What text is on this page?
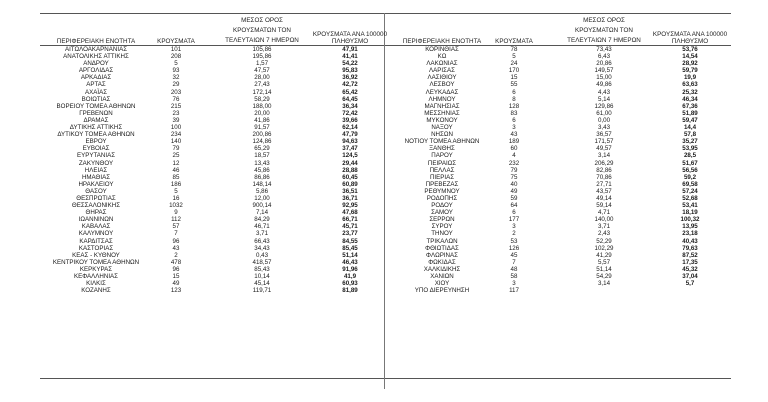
ΠΕΡΙΦΕΡΕΙΑΚΗ ΕΝΟΤΗΤΑ	ΚΡΟΥΣΜΑΤΑ
ΜΕΣΟΣ ΟΡΟΣ
ΚΡΟΥΣΜΑΤΩΝ ΤΟΝ
ΤΕΛΕΥΤΑΙΩΝ 7 ΗΜΕΡΩΝ
ΚΡΟΥΣΜΑΤΑ ΑΝΑ 100000
ΠΛΗΘΥΣΜΟ	ΠΕΡΙΦΕΡΕΙΑΚΗ ΕΝΟΤΗΤΑ	ΚΡΟΥΣΜΑΤΑ
ΜΕΣΟΣ ΟΡΟΣ
ΚΡΟΥΣΜΑΤΩΝ ΤΟΝ
ΤΕΛΕΥΤΑΙΩΝ 7 ΗΜΕΡΩΝ
ΚΡΟΥΣΜΑΤΑ ΑΝΑ 100000
ΠΛΗΘΥΣΜΟ
ΑΙΤΩΛΟΑΚΑΡΝΑΝΙΑΣ	101	105,86	47,91
ΑΝΑΤΟΛΙΚΗΣ ΑΤΤΙΚΗΣ	208	195,86	41,41
ΑΝΔΡΟΥ	5	1,57	54,22
ΑΡΓΟΛΙΔΑΣ	93	47,57	95,83
ΑΡΚΑΔΙΑΣ	32	28,00	36,92
ΑΡΤΑΣ	29	27,43	42,72
ΑΧΑΪΑΣ	203	172,14	65,42
ΒΟΙΩΤΙΑΣ	76	58,29	64,45
ΒΟΡΕΙΟΥ ΤΟΜΕΑ ΑΘΗΝΩΝ	215	188,00	36,34
ΓΡΕΒΕΝΩΝ	23	20,00	72,42
ΔΡΑΜΑΣ	39	41,86	39,66
ΔΥΤΙΚΗΣ ΑΤΤΙΚΗΣ	100	91,57	62,14
ΔΥΤΙΚΟΥ ΤΟΜΕΑ ΑΘΗΝΩΝ	234	200,86	47,79
ΕΒΡΟΥ	140	124,86	94,63
ΕΥΒΟΙΑΣ	79	65,29	37,47
ΕΥΡΥΤΑΝΙΑΣ	25	18,57	124,5
ΖΑΚΥΝΘΟΥ	12	13,43	29,44
ΗΛΕΙΑΣ	46	45,86	28,88
ΗΜΑΘΙΑΣ	85	86,86	60,45
ΗΡΑΚΛΕΙΟΥ	186	148,14	60,89
ΘΑΣΟΥ	5	5,86	36,51
ΘΕΣΠΡΩΤΙΑΣ	16	12,00	36,71
ΘΕΣΣΑΛΟΝΙΚΗΣ	1032	900,14	92,95
ΘΗΡΑΣ	9	7,14	47,68
ΙΩΑΝΝΙΝΩΝ	112	84,29	66,71
ΚΑΒΑΛΑΣ	57	46,71	45,71
ΚΑΛΥΜΝΟΥ	7	3,71	23,77
ΚΑΡΔΙΤΣΑΣ	96	66,43	84,55
ΚΑΣΤΟΡΙΑΣ	43	34,43	85,45
ΚΕΑΣ - ΚΥΘΝΟΥ	2	0,43	51,14
ΚΕΝΤΡΙΚΟΥ ΤΟΜΕΑ ΑΘΗΝΩΝ	478	418,57	46,43
ΚΕΡΚΥΡΑΣ	96	85,43	91,96
ΚΕΦΑΛΛΗΝΙΑΣ	15	10,14	41,9
ΚΙΛΚΙΣ	49	45,14	60,93
ΚΟΖΑΝΗΣ	123	119,71	81,89
ΚΟΡΙΝΘΙΑΣ	78	73,43	53,76
ΚΩ	5	6,43	14,54
ΛΑΚΩΝΙΑΣ	24	20,86	28,92
ΛΑΡΙΣΑΣ	170	149,57	59,79
ΛΑΣΙΘΙΟΥ	15	15,00	19,9
ΛΕΣΒΟΥ	55	49,86	63,63
ΛΕΥΚΑΔΑΣ	6	4,43	25,32
ΛΗΜΝΟΥ	8	5,14	46,34
ΜΑΓΝΗΣΙΑΣ	128	129,86	67,36
ΜΕΣΣΗΝΙΑΣ	83	61,00	51,89
ΜΥΚΟΝΟΥ	6	0,00	59,47
ΝΑΞΟΥ	3	3,43	14,4
ΝΗΣΩΝ	43	36,57	57,8
ΝΟΤΙΟΥ ΤΟΜΕΑ ΑΘΗΝΩΝ	189	171,57	35,27
ΞΑΝΘΗΣ	60	49,57	53,95
ΠΑΡΟΥ	4	3,14	28,5
ΠΕΙΡΑΙΩΣ	232	206,29	51,67
ΠΕΛΛΑΣ	79	82,86	56,56
ΠΙΕΡΙΑΣ	75	70,86	59,2
ΠΡΕΒΕΖΑΣ	40	27,71	69,58
ΡΕΘΥΜΝΟΥ	49	43,57	57,24
ΡΟΔΟΠΗΣ	59	49,14	52,68
ΡΟΔΟΥ	64	59,14	53,41
ΣΑΜΟΥ	6	4,71	18,19
ΣΕΡΡΩΝ	177	140,00	100,32
ΣΥΡΟΥ	3	3,71	13,95
ΤΗΝΟΥ	2	2,43	23,18
ΤΡΙΚΑΛΩΝ	53	52,29	40,43
ΦΘΙΩΤΙΔΑΣ	126	102,29	79,63
ΦΛΩΡΙΝΑΣ	45	41,29	87,52
ΦΩΚΙΔΑΣ	7	5,57	17,35
ΧΑΛΚΙΔΙΚΗΣ	48	51,14	45,32
ΧΑΝΙΩΝ	58	54,29	37,04
ΧΙΟΥ	3	3,14	5,7
ΥΠΟ ΔΙΕΡΕΥΝΗΣΗ	117
